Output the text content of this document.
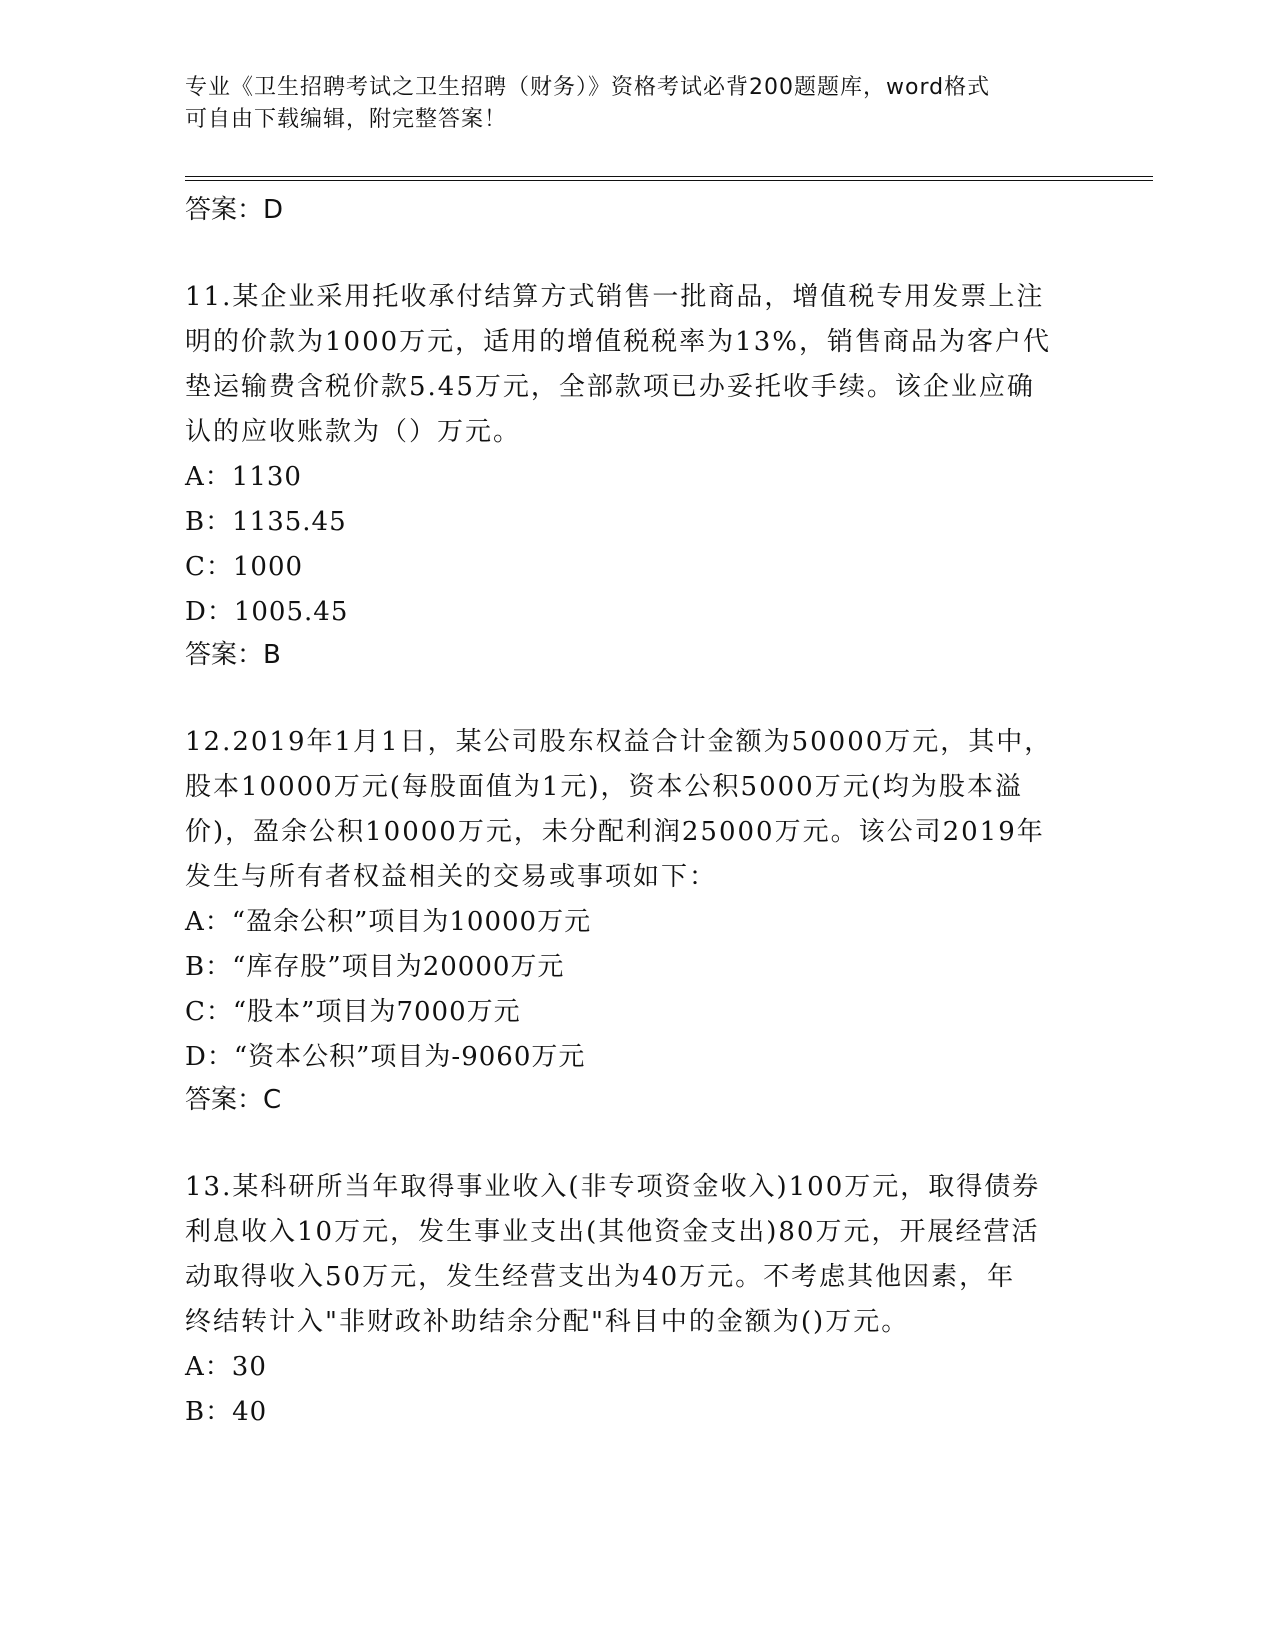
专业《卫生招聘考试之卫生招聘（财务）》资格考试必背200题题库，word格式
可自由下载编辑，附完整答案！

答案：D

11.某企业采用托收承付结算方式销售一批商品，增值税专用发票上注

明的价款为1000万元，适用的增值税税率为13%，销售商品为客户代

垫运输费含税价款5.45万元，全部款项已办妥托收手续。该企业应确

认的应收账款为（）万元。

A：1130

B：1135.45

C：1000

D：1005.45

答案：B

12.2019年1月1日，某公司股东权益合计金额为50000万元，其中，

股本10000万元(每股面值为1元)，资本公积5000万元(均为股本溢

价)，盈余公积10000万元，未分配利润25000万元。该公司2019年

发生与所有者权益相关的交易或事项如下：

A：“盈余公积”项目为10000万元

B：“库存股”项目为20000万元

C：“股本”项目为7000万元

D：“资本公积”项目为-9060万元

答案：C

13.某科研所当年取得事业收入(非专项资金收入)100万元，取得债券

利息收入10万元，发生事业支出(其他资金支出)80万元，开展经营活

动取得收入50万元，发生经营支出为40万元。不考虑其他因素，年

终结转计入"非财政补助结余分配"科目中的金额为()万元。

A：30

B：40
